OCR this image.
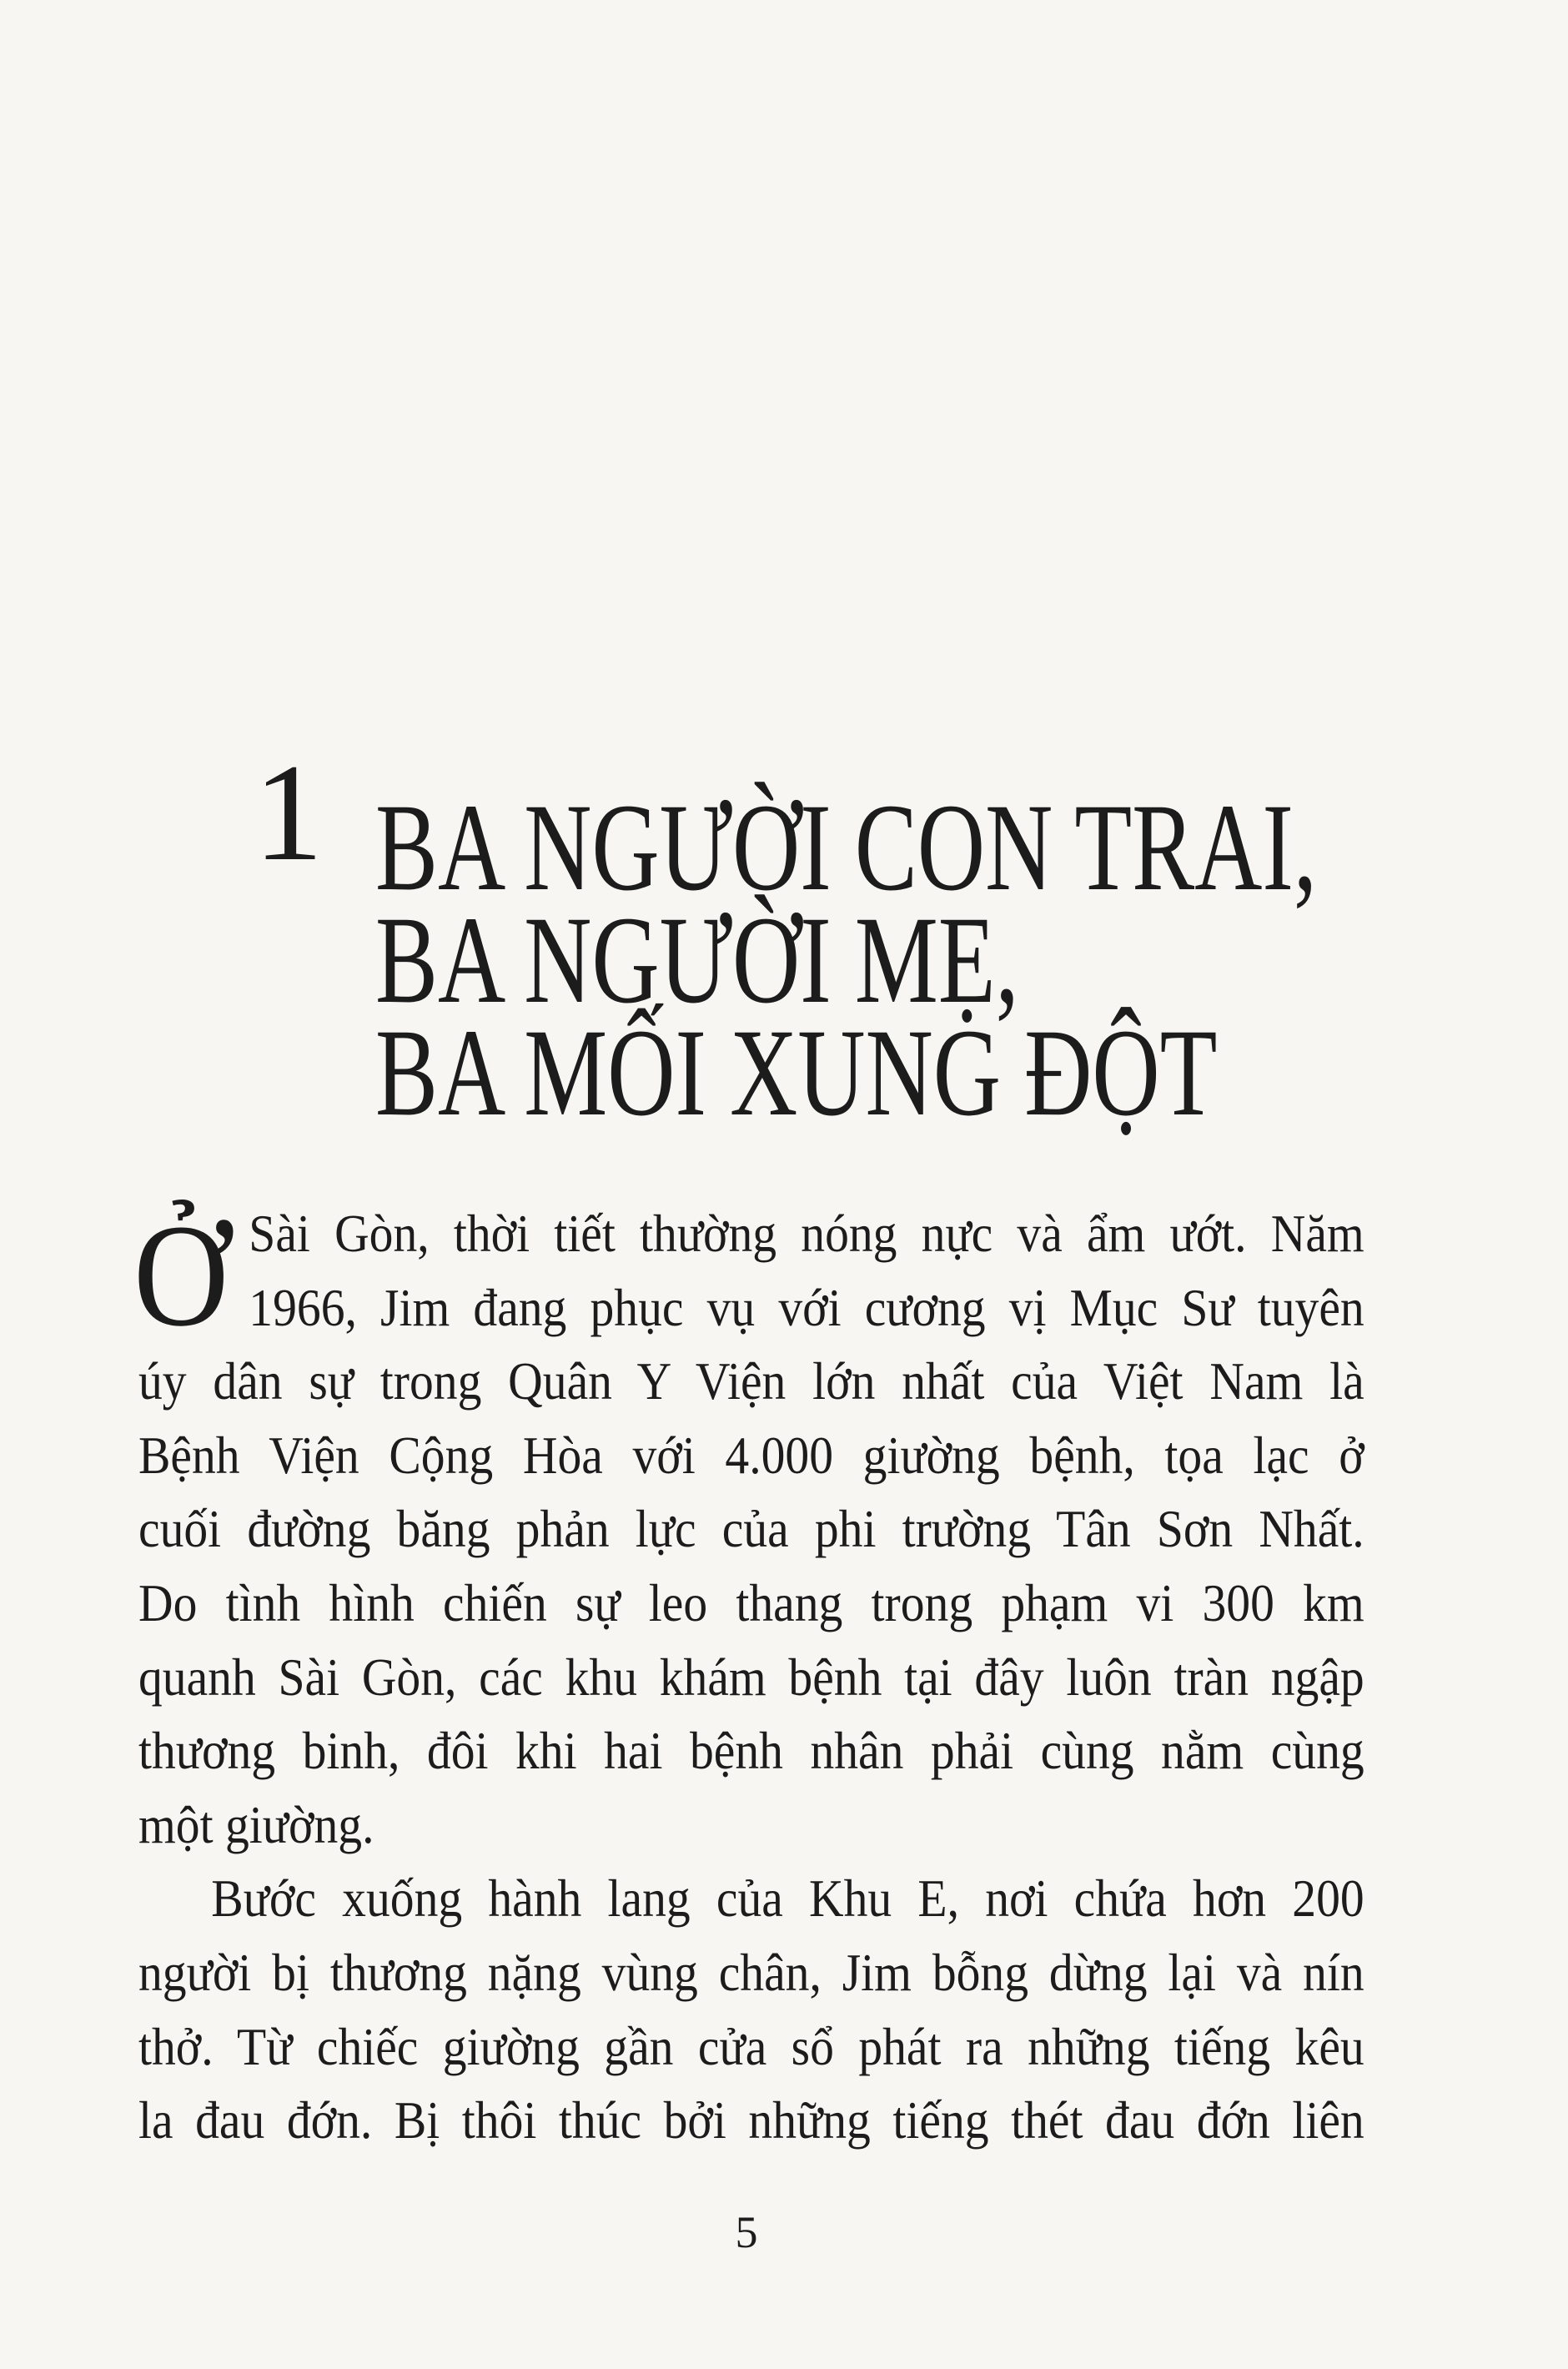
1 BA NGƯỜI CON TRAI,
BA NGƯỜI MẸ,
BA MỐI XUNG ĐỘT
Ở Sài Gòn, thời tiết thường nóng nực và ẩm ướt. Năm
1966, Jim đang phục vụ với cương vị Mục Sư tuyên
úy dân sự trong Quân Y Viện lớn nhất của Việt Nam là
Bệnh Viện Cộng Hòa với 4.000 giường bệnh, tọa lạc ở
cuối đường băng phản lực của phi trường Tân Sơn Nhất.
Do tình hình chiến sự leo thang trong phạm vi 300 km
quanh Sài Gòn, các khu khám bệnh tại đây luôn tràn ngập
thương binh, đôi khi hai bệnh nhân phải cùng nằm cùng
một giường.
Bước xuống hành lang của Khu E, nơi chứa hơn 200
người bị thương nặng vùng chân, Jim bỗng dừng lại và nín
thở. Từ chiếc giường gần cửa sổ phát ra những tiếng kêu
la đau đớn. Bị thôi thúc bởi những tiếng thét đau đớn liên
5
